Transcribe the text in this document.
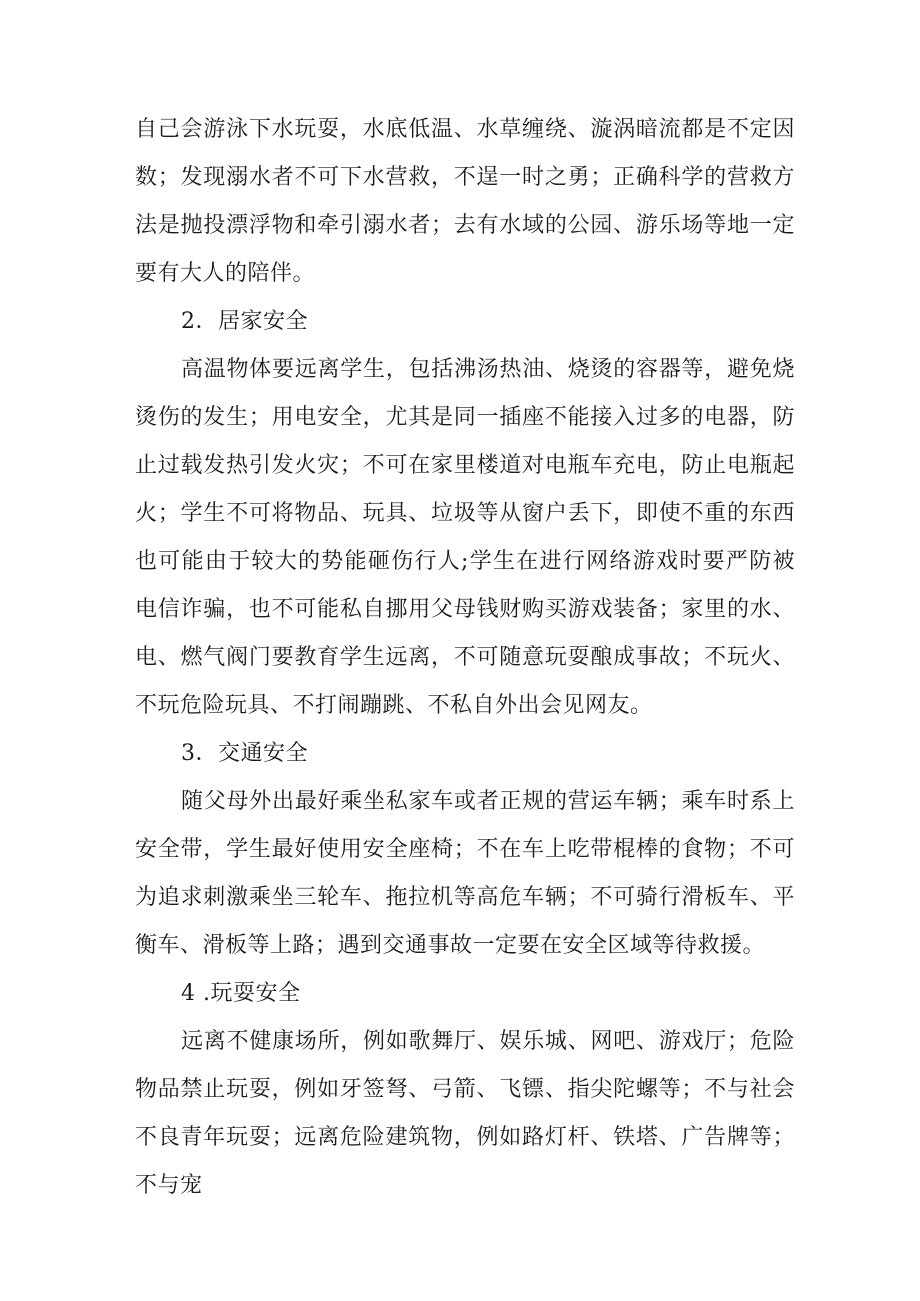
自己会游泳下水玩耍，水底低温、水草缠绕、漩涡暗流都是不定因数；发现溺水者不可下水营救，不逞一时之勇；正确科学的营救方法是抛投漂浮物和牵引溺水者；去有水域的公园、游乐场等地一定要有大人的陪伴。

2．居家安全

高温物体要远离学生，包括沸汤热油、烧烫的容器等，避免烧烫伤的发生；用电安全，尤其是同一插座不能接入过多的电器，防止过载发热引发火灾；不可在家里楼道对电瓶车充电，防止电瓶起火；学生不可将物品、玩具、垃圾等从窗户丢下，即使不重的东西也可能由于较大的势能砸伤行人;学生在进行网络游戏时要严防被电信诈骗，也不可能私自挪用父母钱财购买游戏装备；家里的水、电、燃气阀门要教育学生远离，不可随意玩耍酿成事故；不玩火、不玩危险玩具、不打闹蹦跳、不私自外出会见网友。

3．交通安全

随父母外出最好乘坐私家车或者正规的营运车辆；乘车时系上安全带，学生最好使用安全座椅；不在车上吃带棍棒的食物；不可为追求刺激乘坐三轮车、拖拉机等高危车辆；不可骑行滑板车、平衡车、滑板等上路；遇到交通事故一定要在安全区域等待救援。

4 .玩耍安全

远离不健康场所，例如歌舞厅、娱乐城、网吧、游戏厅；危险物品禁止玩耍，例如牙签弩、弓箭、飞镖、指尖陀螺等；不与社会不良青年玩耍；远离危险建筑物，例如路灯杆、铁塔、广告牌等；不与宠
